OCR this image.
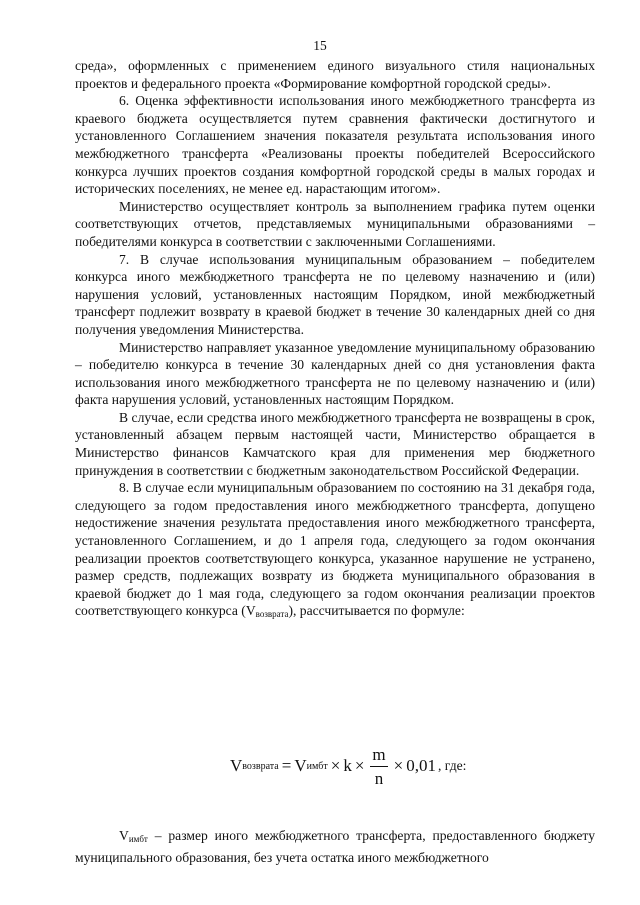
15

среда», оформленных с применением единого визуального стиля национальных проектов и федерального проекта «Формирование комфортной городской среды».

6. Оценка эффективности использования иного межбюджетного трансферта из краевого бюджета осуществляется путем сравнения фактически достигнутого и установленного Соглашением значения показателя результата использования иного межбюджетного трансферта «Реализованы проекты победителей Всероссийского конкурса лучших проектов создания комфортной городской среды в малых городах и исторических поселениях, не менее ед. нарастающим итогом».

Министерство осуществляет контроль за выполнением графика путем оценки соответствующих отчетов, представляемых муниципальными образованиями – победителями конкурса в соответствии с заключенными Соглашениями.

7. В случае использования муниципальным образованием – победителем конкурса иного межбюджетного трансферта не по целевому назначению и (или) нарушения условий, установленных настоящим Порядком, иной межбюджетный трансферт подлежит возврату в краевой бюджет в течение 30 календарных дней со дня получения уведомления Министерства.

Министерство направляет указанное уведомление муниципальному образованию – победителю конкурса в течение 30 календарных дней со дня установления факта использования иного межбюджетного трансферта не по целевому назначению и (или) факта нарушения условий, установленных настоящим Порядком.

В случае, если средства иного межбюджетного трансферта не возвращены в срок, установленный абзацем первым настоящей части, Министерство обращается в Министерство финансов Камчатского края для применения мер бюджетного принуждения в соответствии с бюджетным законодательством Российской Федерации.

8. В случае если муниципальным образованием по состоянию на 31 декабря года, следующего за годом предоставления иного межбюджетного трансферта, допущено недостижение значения результата предоставления иного межбюджетного трансферта, установленного Соглашением, и до 1 апреля года, следующего за годом окончания реализации проектов соответствующего конкурса, указанное нарушение не устранено, размер средств, подлежащих возврату из бюджета муниципального образования в краевой бюджет до 1 мая года, следующего за годом окончания реализации проектов соответствующего конкурса $(V_{возврата})$, рассчитывается по формуле:

V возврата = V имбт × $k \times \frac{m}{n} \times 0,01$ , где:

$V_{имбт}$ – размер иного межбюджетного трансферта, предоставленного бюджету муниципального образования, без учета остатка иного межбюджетного
